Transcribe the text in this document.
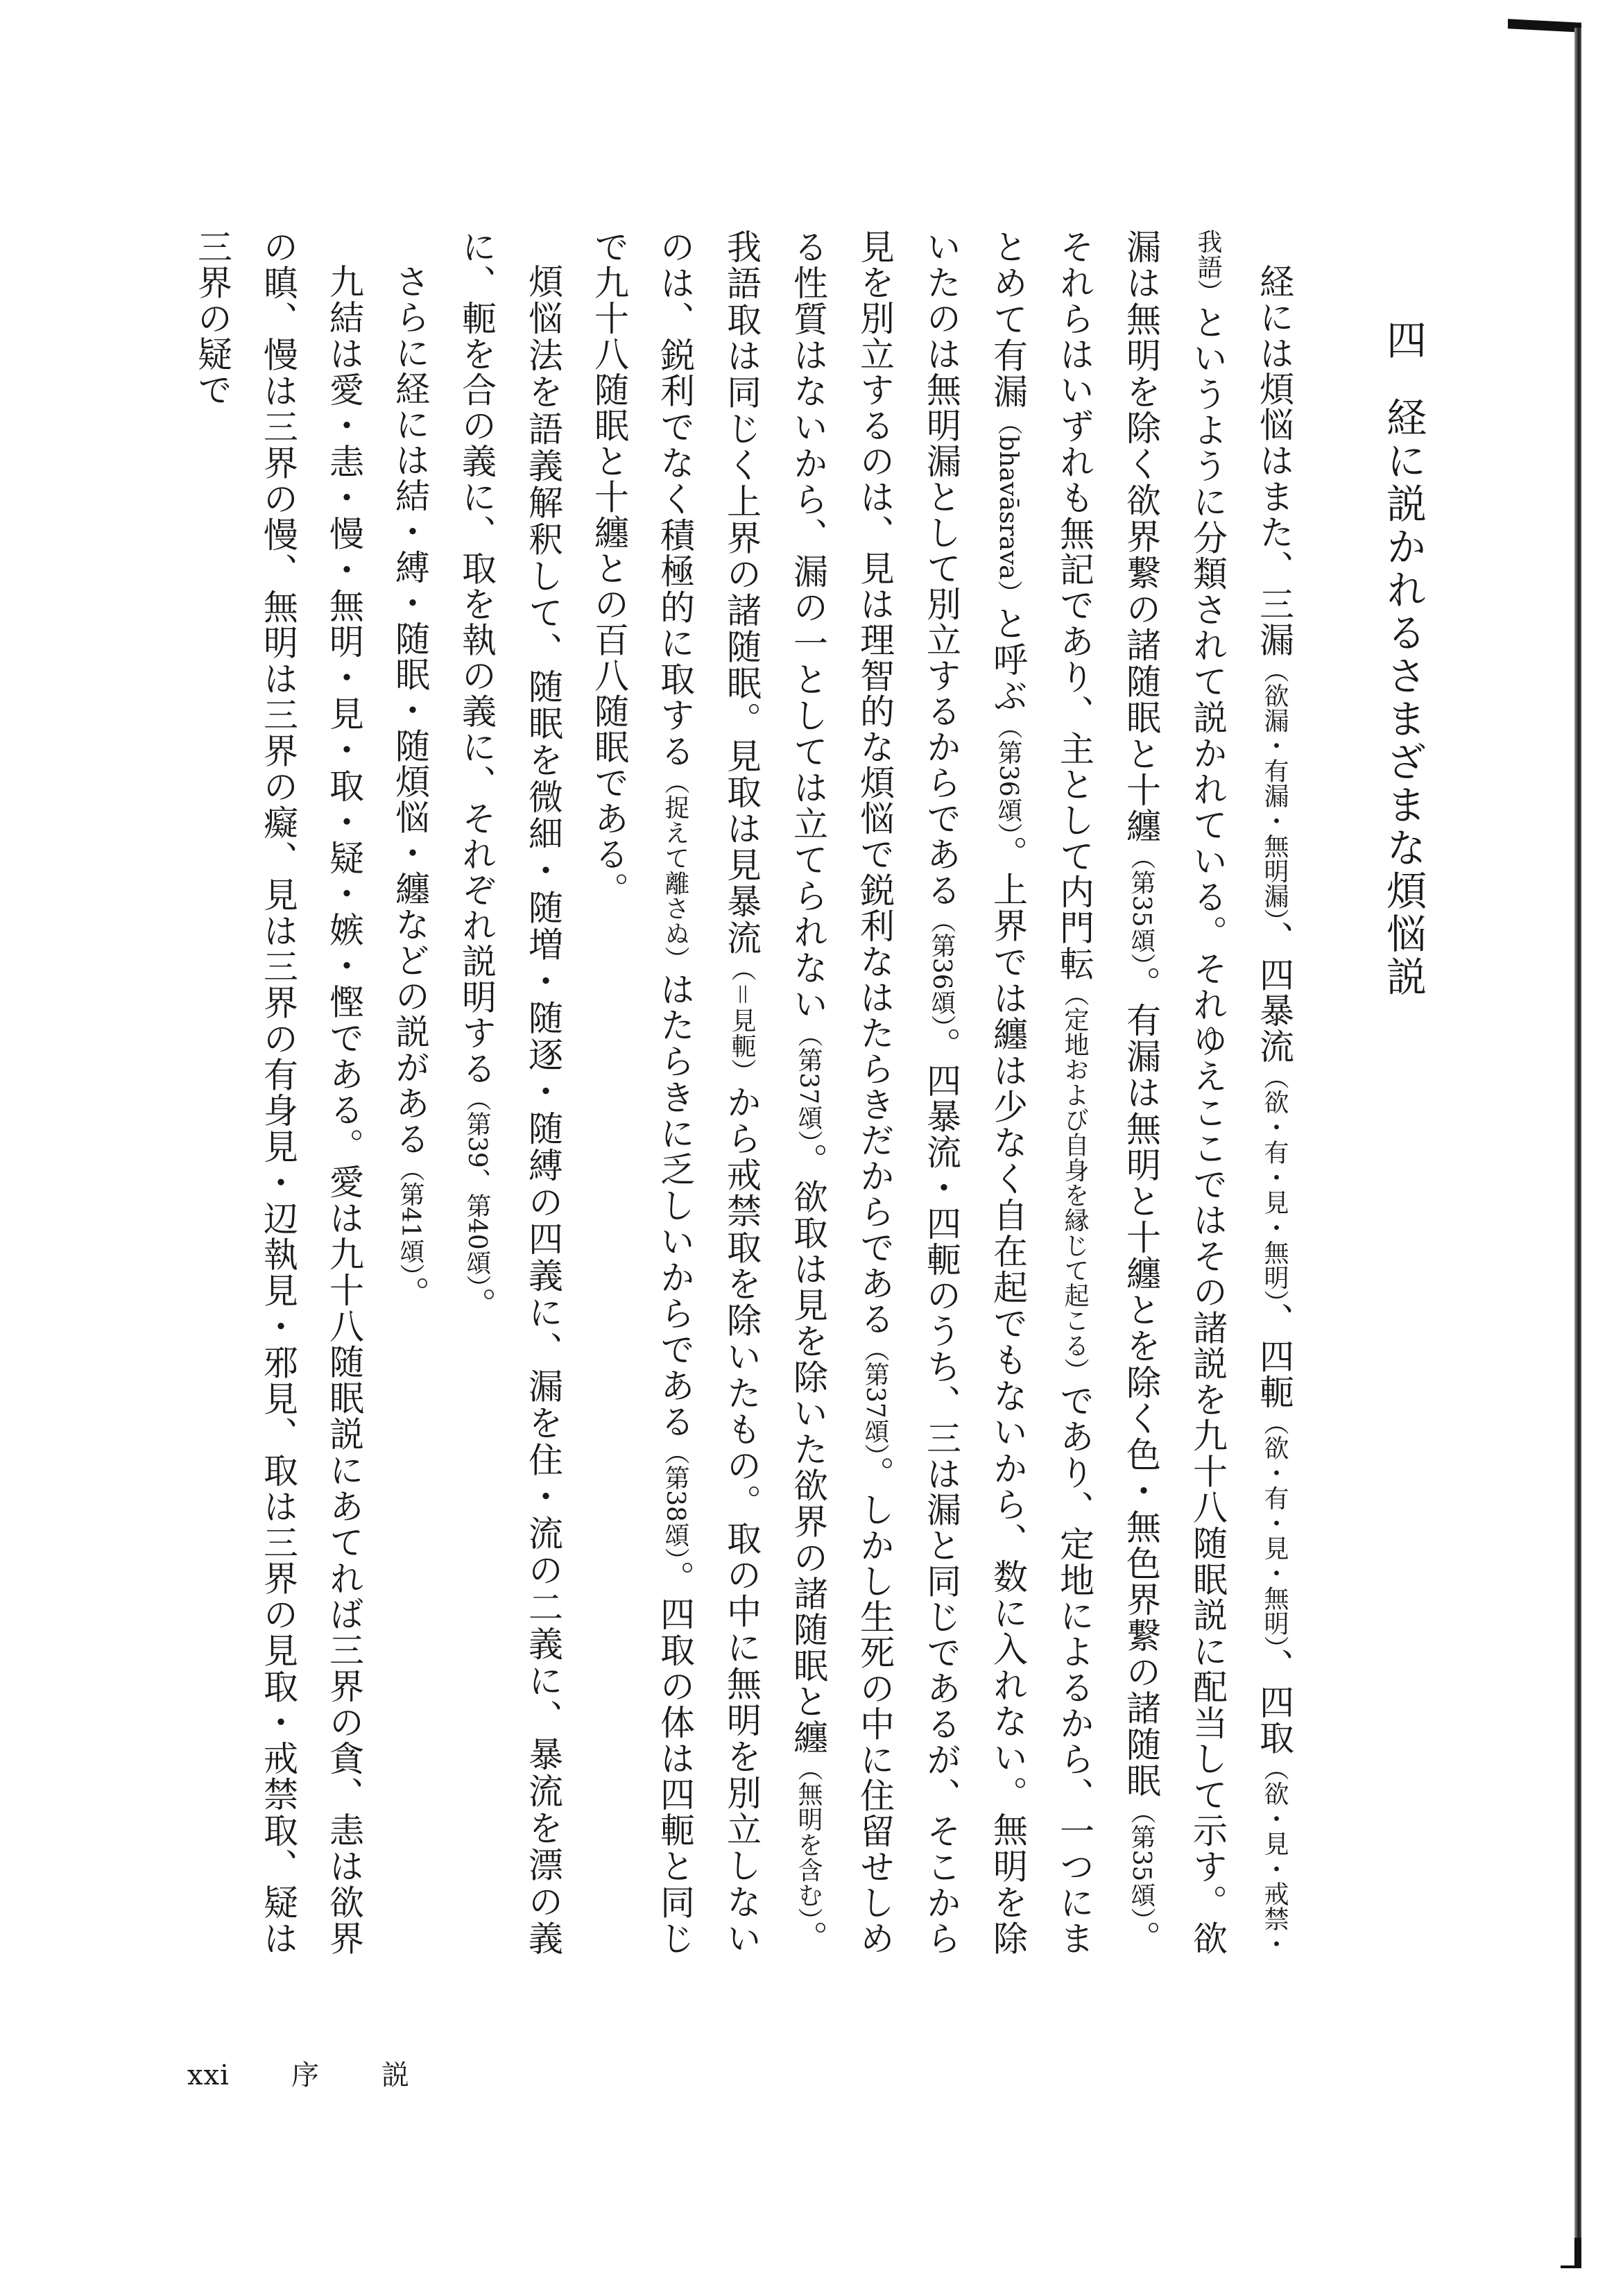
四経に説かれるさまざまな煩悩説

経には煩悩はまた、三漏（欲漏・有漏・無明漏）、四暴流（欲・有・見・無明）、四軛（欲・有・見・無明）、四取（欲・見・戒禁・我語）というように分類されて説かれている。それゆえここではその諸説を九十八随眠説に配当して示す。欲漏は無明を除く欲界繋の諸随眠と十纏（第35頌）。有漏は無明と十纏とを除く色・無色界繋の諸随眠（第35頌）。それらはいずれも無記であり、主として内門転（定地および自身を縁じて起こる）であり、定地によるから、一つにまとめて有漏（bhavāsrava）と呼ぶ（第36頌）。上界では纏は少なく自在起でもないから、数に入れない。無明を除いたのは無明漏として別立するからである（第36頌）。四暴流・四軛のうち、三は漏と同じであるが、そこから見を別立するのは、見は理智的な煩悩で鋭利なはたらきだからである（第37頌）。しかし生死の中に住留せしめる性質はないから、漏の一としては立てられない（第37頌）。欲取は見を除いた欲界の諸随眠と纏（無明を含む）。我語取は同じく上界の諸随眠。見取は見暴流（＝見軛）から戒禁取を除いたもの。取の中に無明を別立しないのは、鋭利でなく積極的に取する（捉えて離さぬ）はたらきに乏しいからである（第38頌）。四取の体は四軛と同じで九十八随眠と十纏との百八随眠である。

煩悩法を語義解釈して、随眠を微細・随増・随逐・随縛の四義に、漏を住・流の二義に、暴流を漂の義に、軛を合の義に、取を執の義に、それぞれ説明する（第39、第40頌）。

さらに経には結・縛・随眠・随煩悩・纏などの説がある（第41頌）。

九結は愛・恚・慢・無明・見・取・疑・嫉・慳である。愛は九十八随眠説にあてれば三界の貪、恚は欲界の瞋、慢は三界の慢、無明は三界の癡、見は三界の有身見・辺執見・邪見、取は三界の見取・戒禁取、疑は三界の疑で

xxi 序説
